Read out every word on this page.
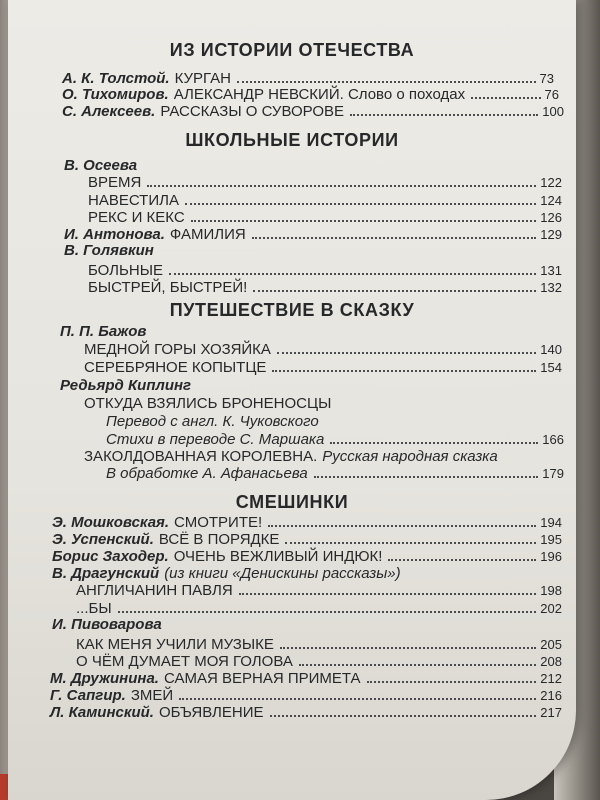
ИЗ ИСТОРИИ ОТЕЧЕСТВА
А. К. Толстой. КУРГАН	73
О. Тихомиров. АЛЕКСАНДР НЕВСКИЙ. Слово о походах	76
С. Алексеев. РАССКАЗЫ О СУВОРОВЕ	100
ШКОЛЬНЫЕ ИСТОРИИ
В. Осеева
ВРЕМЯ	122
НАВЕСТИЛА	124
РЕКС И КЕКС	126
И. Антонова. ФАМИЛИЯ	129
В. Голявкин
БОЛЬНЫЕ	131
БЫСТРЕЙ, БЫСТРЕЙ!	132
ПУТЕШЕСТВИЕ В СКАЗКУ
П. П. Бажов
МЕДНОЙ ГОРЫ ХОЗЯЙКА	140
СЕРЕБРЯНОЕ КОПЫТЦЕ	154
Редьярд Киплинг
ОТКУДА ВЗЯЛИСЬ БРОНЕНОСЦЫ
Перевод с англ. К. Чуковского
Стихи в переводе С. Маршака	166
ЗАКОЛДОВАННАЯ КОРОЛЕВНА. Русская народная сказка
В обработке А. Афанасьева	179
СМЕШИНКИ
Э. Мошковская. СМОТРИТЕ!	194
Э. Успенский. ВСЁ В ПОРЯДКЕ	195
Борис Заходер. ОЧЕНЬ ВЕЖЛИВЫЙ ИНДЮК!	196
В. Драгунский (из книги «Денискины рассказы»)
АНГЛИЧАНИН ПАВЛЯ	198
...БЫ	202
И. Пивоварова
КАК МЕНЯ УЧИЛИ МУЗЫКЕ	205
О ЧЁМ ДУМАЕТ МОЯ ГОЛОВА	208
М. Дружинина. САМАЯ ВЕРНАЯ ПРИМЕТА	212
Г. Сапгир. ЗМЕЙ	216
Л. Каминский. ОБЪЯВЛЕНИЕ	217
